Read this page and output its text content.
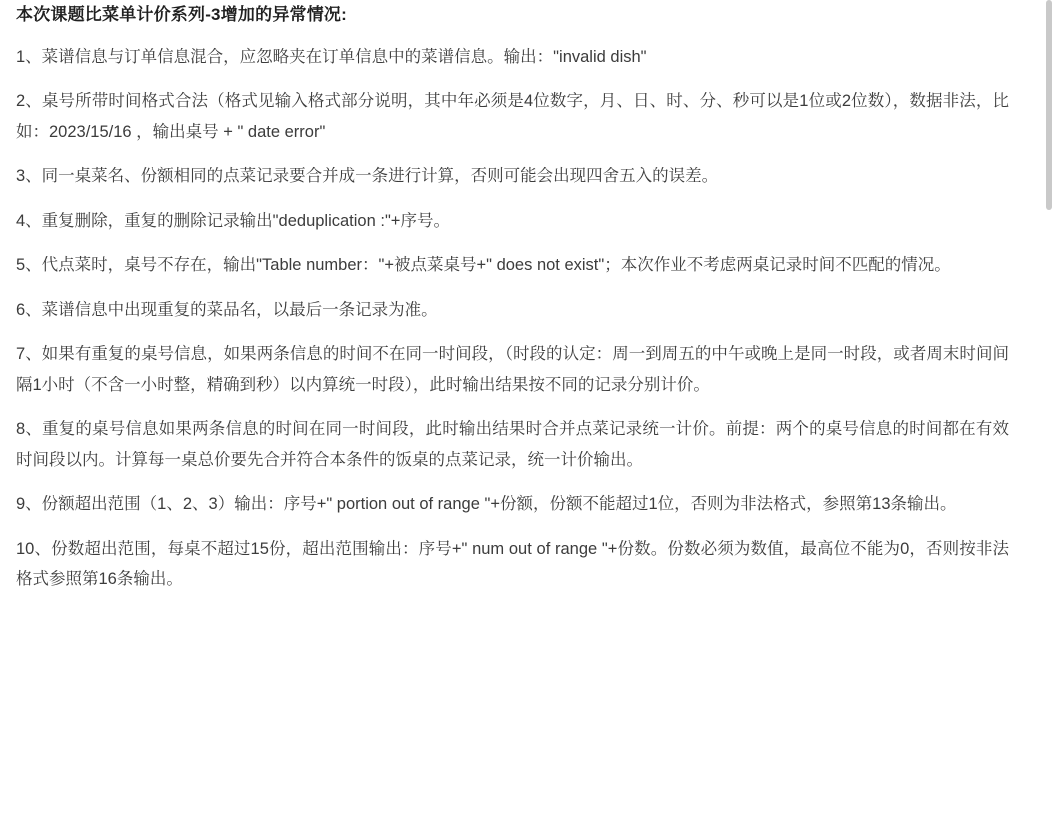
本次课题比菜单计价系列-3增加的异常情况:

1、菜谱信息与订单信息混合，应忽略夹在订单信息中的菜谱信息。输出："invalid dish"

2、桌号所带时间格式合法（格式见输入格式部分说明，其中年必须是4位数字，月、日、时、分、秒可以是1位或2位数），数据非法，比如：2023/15/16 ，输出桌号 + " date error"

3、同一桌菜名、份额相同的点菜记录要合并成一条进行计算，否则可能会出现四舍五入的误差。

4、重复删除，重复的删除记录输出"deduplication :"+序号。

5、代点菜时，桌号不存在，输出"Table number："+被点菜桌号+" does not exist"；本次作业不考虑两桌记录时间不匹配的情况。

6、菜谱信息中出现重复的菜品名，以最后一条记录为准。

7、如果有重复的桌号信息，如果两条信息的时间不在同一时间段，（时段的认定：周一到周五的中午或晚上是同一时段，或者周末时间间隔1小时（不含一小时整，精确到秒）以内算统一时段），此时输出结果按不同的记录分别计价。

8、重复的桌号信息如果两条信息的时间在同一时间段，此时输出结果时合并点菜记录统一计价。前提：两个的桌号信息的时间都在有效时间段以内。计算每一桌总价要先合并符合本条件的饭桌的点菜记录，统一计价输出。

9、份额超出范围（1、2、3）输出：序号+" portion out of range "+份额，份额不能超过1位，否则为非法格式，参照第13条输出。

10、份数超出范围，每桌不超过15份，超出范围输出：序号+" num out of range "+份数。份数必须为数值，最高位不能为0，否则按非法格式参照第16条输出。
